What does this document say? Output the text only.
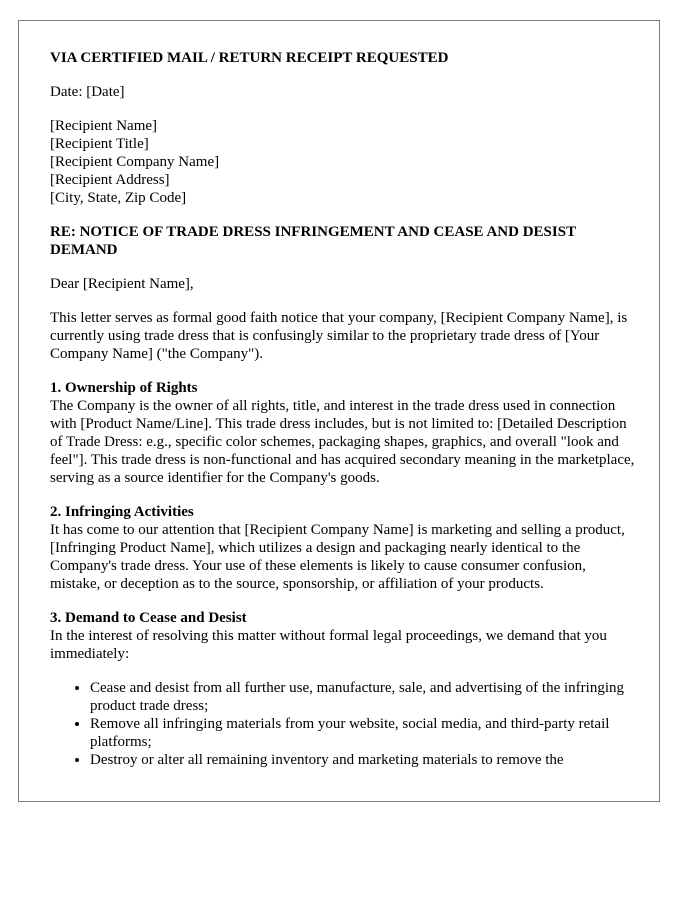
VIA CERTIFIED MAIL / RETURN RECEIPT REQUESTED

Date: [Date]

[Recipient Name]
[Recipient Title]
[Recipient Company Name]
[Recipient Address]
[City, State, Zip Code]

RE: NOTICE OF TRADE DRESS INFRINGEMENT AND CEASE AND DESIST DEMAND

Dear [Recipient Name],

This letter serves as formal good faith notice that your company, [Recipient Company Name], is currently using trade dress that is confusingly similar to the proprietary trade dress of [Your Company Name] ("the Company").

1. Ownership of Rights

The Company is the owner of all rights, title, and interest in the trade dress used in connection with [Product Name/Line]. This trade dress includes, but is not limited to: [Detailed Description of Trade Dress: e.g., specific color schemes, packaging shapes, graphics, and overall "look and feel"]. This trade dress is non-functional and has acquired secondary meaning in the marketplace, serving as a source identifier for the Company's goods.

2. Infringing Activities

It has come to our attention that [Recipient Company Name] is marketing and selling a product, [Infringing Product Name], which utilizes a design and packaging nearly identical to the Company's trade dress. Your use of these elements is likely to cause consumer confusion, mistake, or deception as to the source, sponsorship, or affiliation of your products.

3. Demand to Cease and Desist

In the interest of resolving this matter without formal legal proceedings, we demand that you immediately:

• Cease and desist from all further use, manufacture, sale, and advertising of the infringing product trade dress;
• Remove all infringing materials from your website, social media, and third-party retail platforms;
• Destroy or alter all remaining inventory and marketing materials to remove the
